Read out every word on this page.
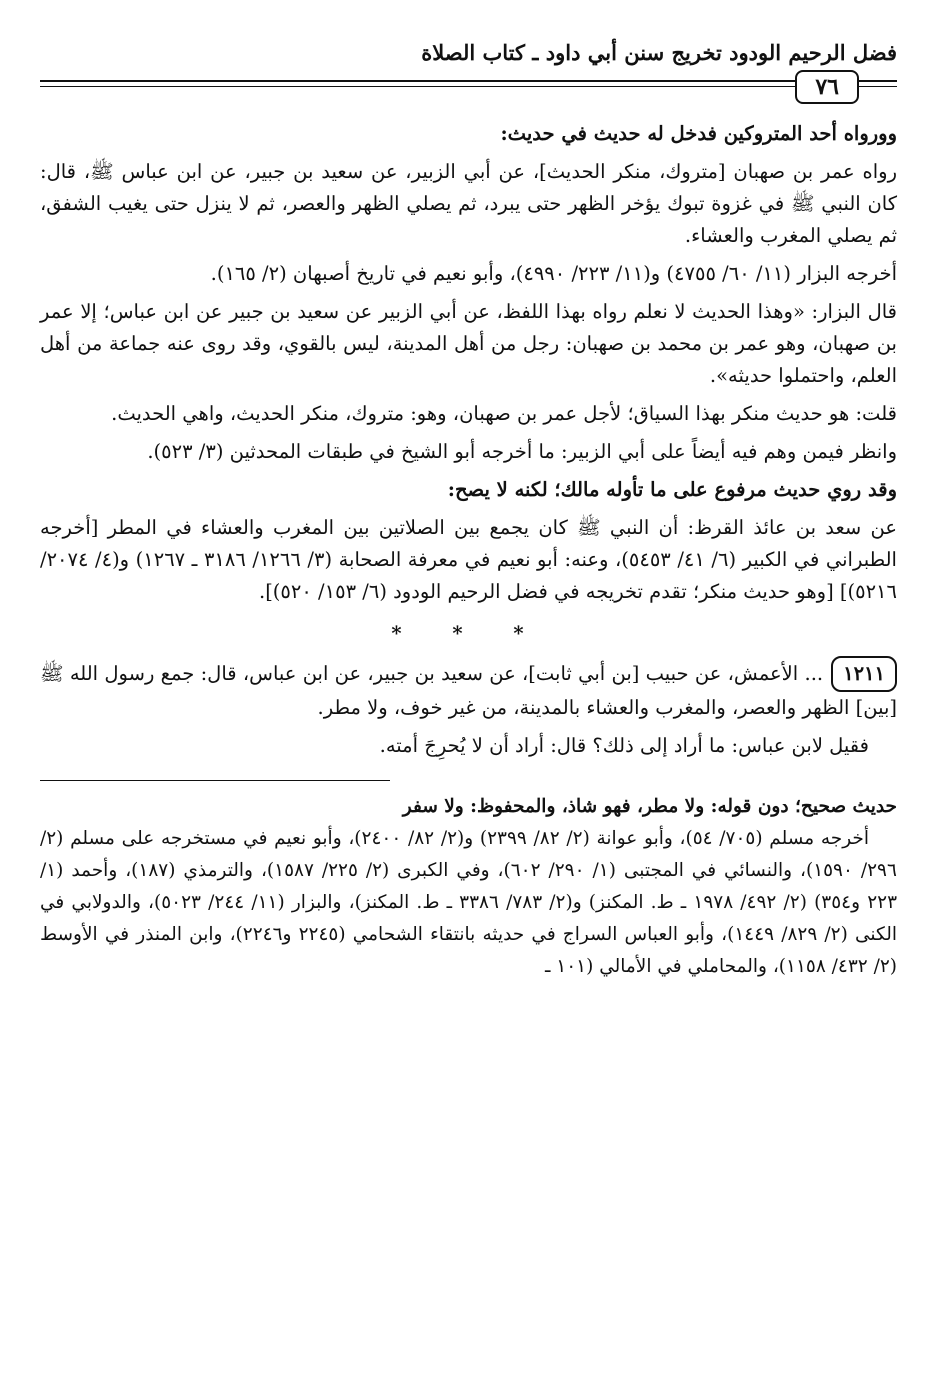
فضل الرحيم الودود تخريج سنن أبي داود ـ كتاب الصلاة
٧٦

وورواه أحد المتروكين فدخل له حديث في حديث:

رواه عمر بن صهبان [متروك، منكر الحديث]، عن أبي الزبير، عن سعيد بن جبير، عن ابن عباس ﷺ، قال: كان النبي ﷺ في غزوة تبوك يؤخر الظهر حتى يبرد، ثم يصلي الظهر والعصر، ثم لا ينزل حتى يغيب الشفق، ثم يصلي المغرب والعشاء.

أخرجه البزار (١١/ ٦٠/ ٤٧٥٥) و(١١/ ٢٢٣/ ٤٩٩٠)، وأبو نعيم في تاريخ أصبهان (٢/ ١٦٥).

قال البزار: «وهذا الحديث لا نعلم رواه بهذا اللفظ، عن أبي الزبير عن سعيد بن جبير عن ابن عباس؛ إلا عمر بن صهبان، وهو عمر بن محمد بن صهبان: رجل من أهل المدينة، ليس بالقوي، وقد روى عنه جماعة من أهل العلم، واحتملوا حديثه».

قلت: هو حديث منكر بهذا السياق؛ لأجل عمر بن صهبان، وهو: متروك، منكر الحديث، واهي الحديث.

وانظر فيمن وهم فيه أيضاً على أبي الزبير: ما أخرجه أبو الشيخ في طبقات المحدثين (٣/ ٥٢٣).

وقد روي حديث مرفوع على ما تأوله مالك؛ لكنه لا يصح:

عن سعد بن عائذ القرظ: أن النبي ﷺ كان يجمع بين الصلاتين بين المغرب والعشاء في المطر [أخرجه الطبراني في الكبير (٦/ ٤١/ ٥٤٥٣)، وعنه: أبو نعيم في معرفة الصحابة (٣/ ١٢٦٦/ ٣١٨٦ ـ ١٢٦٧) و(٤/ ٢٠٧٤/ ٥٢١٦)] [وهو حديث منكر؛ تقدم تخريجه في فضل الرحيم الودود (٦/ ١٥٣/ ٥٢٠)].

* * *

١٢١١... الأعمش، عن حبيب [بن أبي ثابت]، عن سعيد بن جبير، عن ابن عباس، قال: جمع رسول الله ﷺ [بين] الظهر والعصر، والمغرب والعشاء بالمدينة، من غير خوف، ولا مطر.

فقيل لابن عباس: ما أراد إلى ذلك؟ قال: أراد أن لا يُحرِجَ أمته.

حديث صحيح؛ دون قوله: ولا مطر، فهو شاذ، والمحفوظ: ولا سفر

أخرجه مسلم (٧٠٥/ ٥٤)، وأبو عوانة (٢/ ٨٢/ ٢٣٩٩) و(٢/ ٨٢/ ٢٤٠٠)، وأبو نعيم في مستخرجه على مسلم (٢/ ٢٩٦/ ١٥٩٠)، والنسائي في المجتبى (١/ ٢٩٠/ ٦٠٢)، وفي الكبرى (٢/ ٢٢٥/ ١٥٨٧)، والترمذي (١٨٧)، وأحمد (١/ ٢٢٣ و٣٥٤) (٢/ ٤٩٢/ ١٩٧٨ ـ ط. المكنز) و(٢/ ٧٨٣/ ٣٣٨٦ ـ ط. المكنز)، والبزار (١١/ ٢٤٤/ ٥٠٢٣)، والدولابي في الكنى (٢/ ٨٢٩/ ١٤٤٩)، وأبو العباس السراج في حديثه بانتقاء الشحامي (٢٢٤٥ و٢٢٤٦)، وابن المنذر في الأوسط (٢/ ٤٣٢/ ١١٥٨)، والمحاملي في الأمالي (١٠١ ـ
